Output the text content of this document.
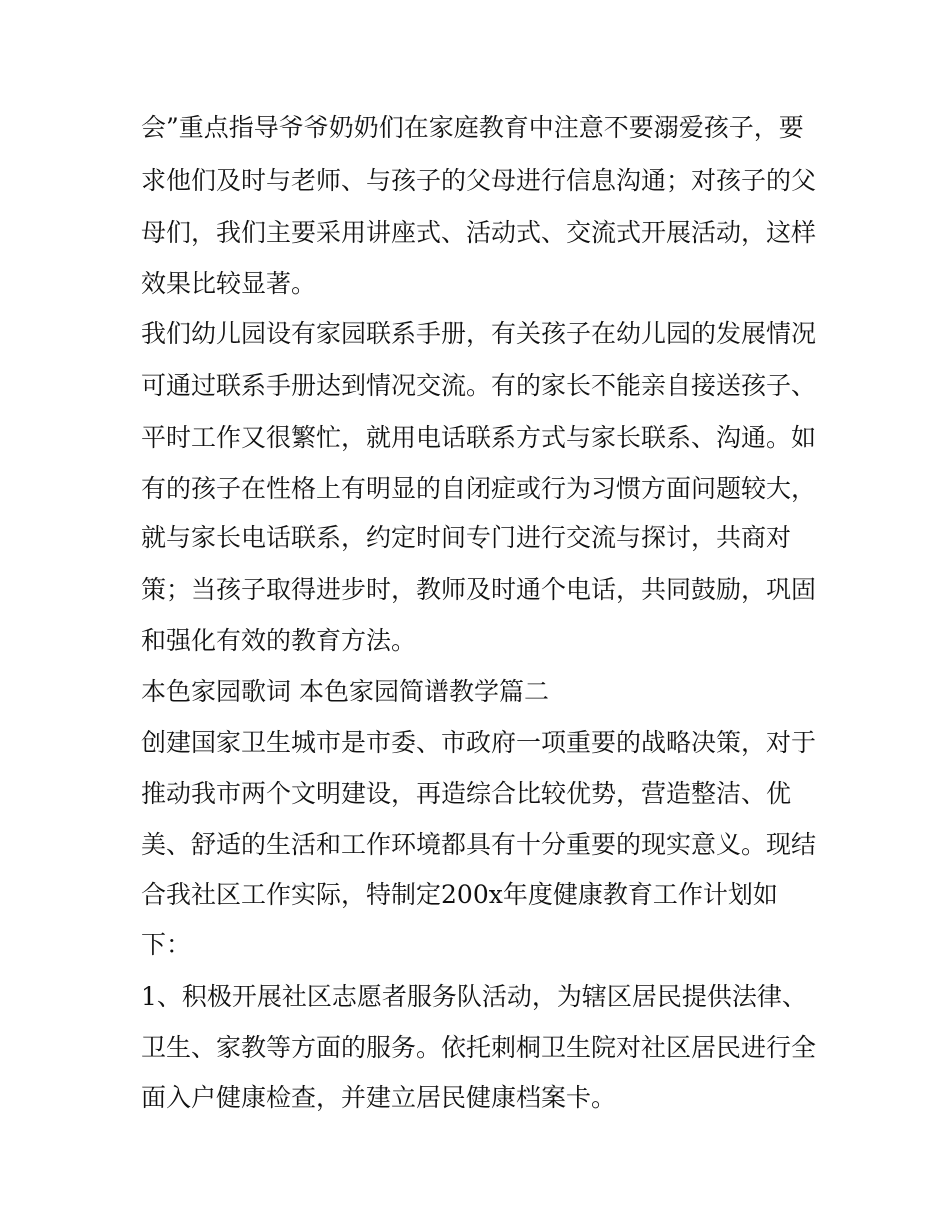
会”重点指导爷爷奶奶们在家庭教育中注意不要溺爱孩子，要
求他们及时与老师、与孩子的父母进行信息沟通；对孩子的父
母们，我们主要采用讲座式、活动式、交流式开展活动，这样
效果比较显著。
我们幼儿园设有家园联系手册，有关孩子在幼儿园的发展情况
可通过联系手册达到情况交流。有的家长不能亲自接送孩子、
平时工作又很繁忙，就用电话联系方式与家长联系、沟通。如
有的孩子在性格上有明显的自闭症或行为习惯方面问题较大，
就与家长电话联系，约定时间专门进行交流与探讨，共商对
策；当孩子取得进步时，教师及时通个电话，共同鼓励，巩固
和强化有效的教育方法。
本色家园歌词 本色家园简谱教学篇二
创建国家卫生城市是市委、市政府一项重要的战略决策，对于
推动我市两个文明建设，再造综合比较优势，营造整洁、优
美、舒适的生活和工作环境都具有十分重要的现实意义。现结
合我社区工作实际，特制定200x年度健康教育工作计划如
下：
1、积极开展社区志愿者服务队活动，为辖区居民提供法律、
卫生、家教等方面的服务。依托刺桐卫生院对社区居民进行全
面入户健康检查，并建立居民健康档案卡。
